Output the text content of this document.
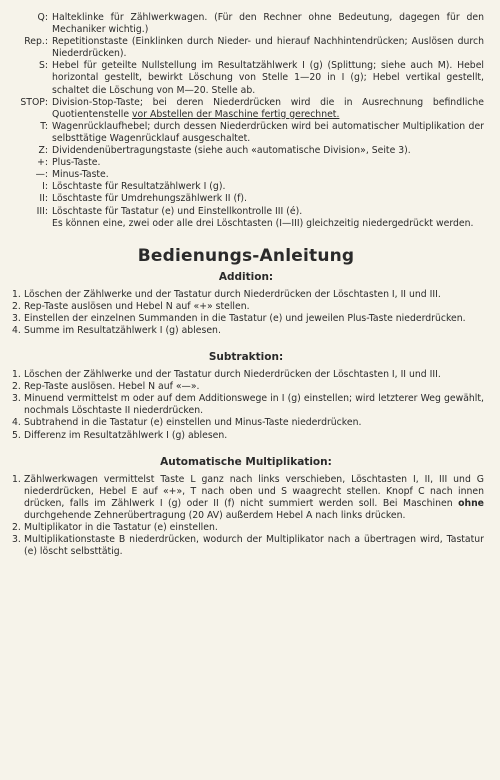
Q: Halteklinke für Zählwerkwagen. (Für den Rechner ohne Bedeutung, dagegen für den Mechaniker wichtig.)
Rep.: Repetitionstaste (Einklinken durch Nieder- und hierauf Nachhintendrücken; Auslösen durch Niederdrücken).
S: Hebel für geteilte Nullstellung im Resultatzählwerk I (g) (Splittung; siehe auch M). Hebel horizontal gestellt, bewirkt Löschung von Stelle 1—20 in I (g); Hebel vertikal gestellt, schaltet die Löschung von M—20. Stelle ab.
STOP: Division-Stop-Taste; bei deren Niederdrücken wird die in Ausrechnung befindliche Quotientenstelle vor Abstellen der Maschine fertig gerechnet.
T: Wagenrücklaufhebel; durch dessen Niederdrücken wird bei automatischer Multiplikation der selbsttätige Wagenrücklauf ausgeschaltet.
Z: Dividendenübertragungstaste (siehe auch «automatische Division», Seite 3).
+: Plus-Taste.
—: Minus-Taste.
I: Löschtaste für Resultatzählwerk I (g).
II: Löschtaste für Umdrehungszählwerk II (f).
III: Löschtaste für Tastatur (e) und Einstellkontrolle III (é).
Es können eine, zwei oder alle drei Löschtasten (I—III) gleichzeitig niedergedrückt werden.
Bedienungs-Anleitung
Addition:
1. Löschen der Zählwerke und der Tastatur durch Niederdrücken der Löschtasten I, II und III.
2. Rep-Taste auslösen und Hebel N auf «+» stellen.
3. Einstellen der einzelnen Summanden in die Tastatur (e) und jeweilen Plus-Taste niederdrücken.
4. Summe im Resultatzählwerk I (g) ablesen.
Subtraktion:
1. Löschen der Zählwerke und der Tastatur durch Niederdrücken der Löschtasten I, II und III.
2. Rep-Taste auslösen. Hebel N auf «—».
3. Minuend vermittelst m oder auf dem Additionswege in I (g) einstellen; wird letzterer Weg gewählt, nochmals Löschtaste II niederdrücken.
4. Subtrahend in die Tastatur (e) einstellen und Minus-Taste niederdrücken.
5. Differenz im Resultatzählwerk I (g) ablesen.
Automatische Multiplikation:
1. Zählwerkwagen vermittelst Taste L ganz nach links verschieben, Löschtasten I, II, III und G niederdrücken, Hebel E auf «+», T nach oben und S waagrecht stellen. Knopf C nach innen drücken, falls im Zählwerk I (g) oder II (f) nicht summiert werden soll. Bei Maschinen ohne durchgehende Zehnerübertragung (20 AV) außerdem Hebel A nach links drücken.
2. Multiplikator in die Tastatur (e) einstellen.
3. Multiplikationstaste B niederdrücken, wodurch der Multiplikator nach a übertragen wird, Tastatur (e) löscht selbsttätig.
